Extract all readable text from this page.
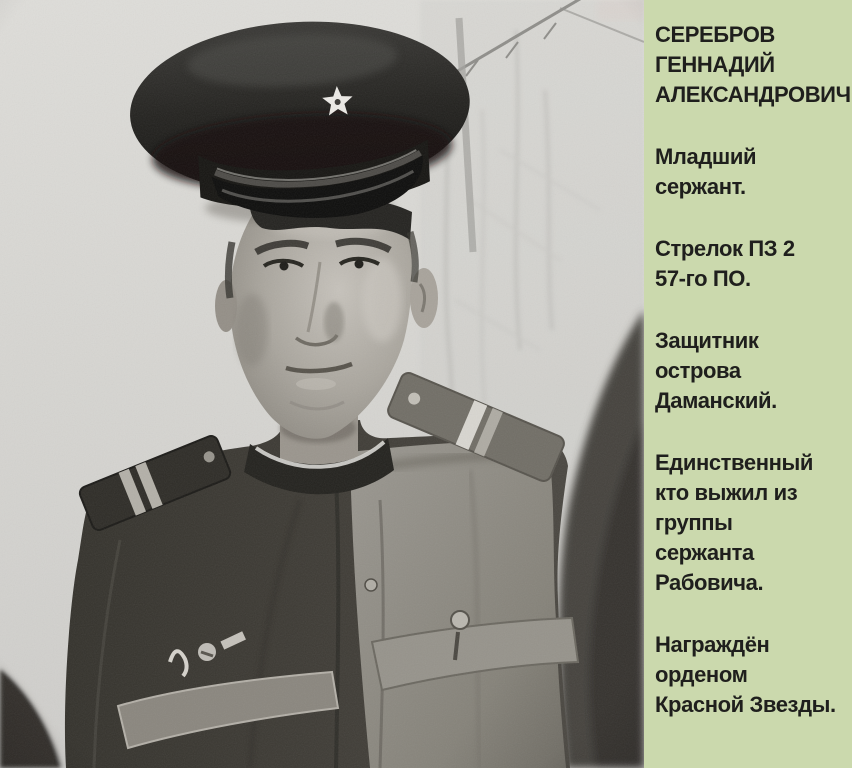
СЕРЕБРОВ
ГЕННАДИЙ
АЛЕКСАНДРОВИЧ
Младший
сержант.
Стрелок ПЗ 2
57-го ПО.
Защитник
острова
Даманский.
Единственный
кто выжил из
группы
сержанта
Рабовича.
Награждён
орденом
Красной Звезды.
